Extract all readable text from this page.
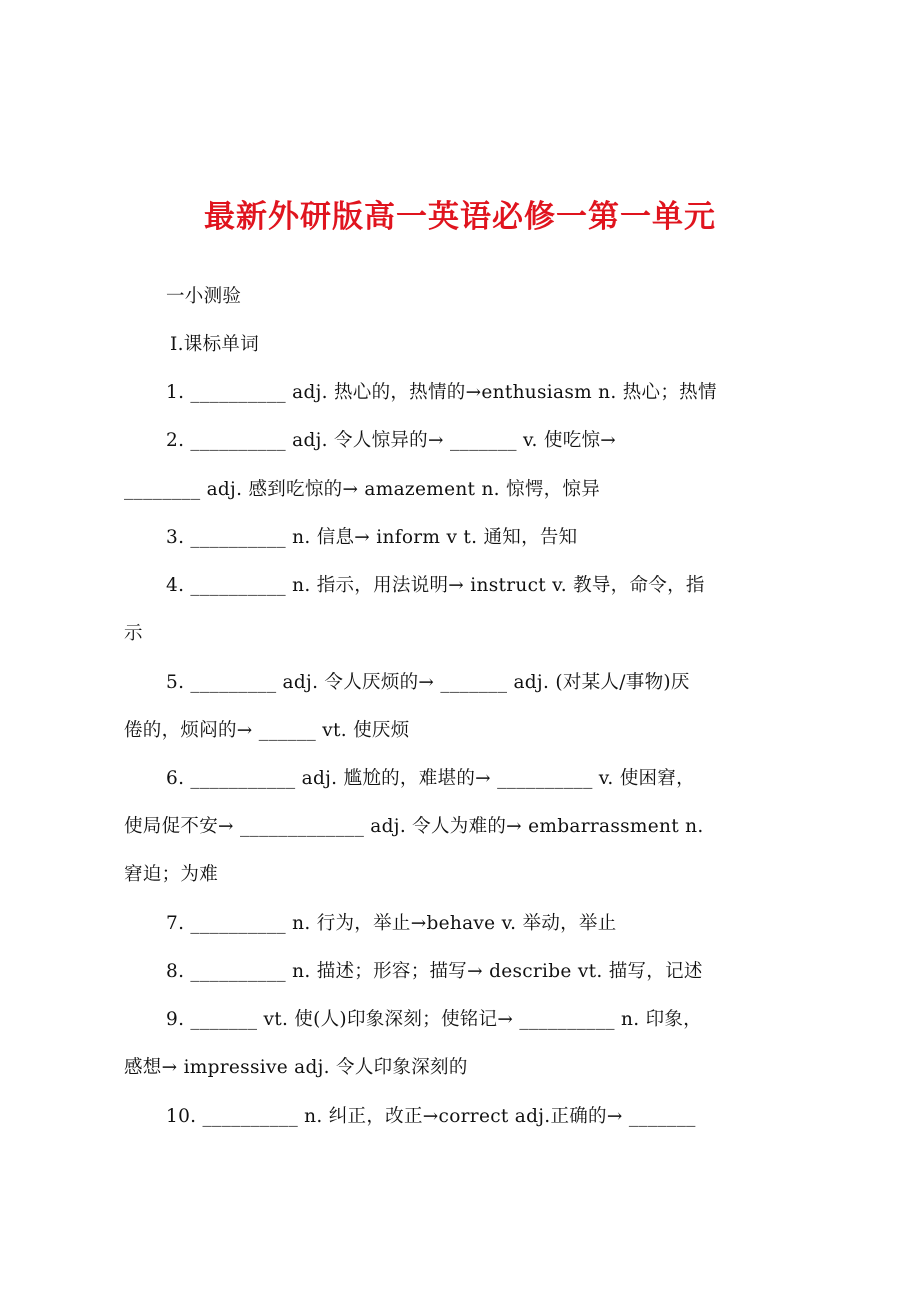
最新外研版高一英语必修一第一单元
一小测验
Ⅰ.课标单词
1. __________ adj. 热心的，热情的→enthusiasm n. 热心；热情
2. __________ adj. 令人惊异的→ _______ v. 使吃惊→
________ adj. 感到吃惊的→ amazement n. 惊愕，惊异
3. __________ n. 信息→ inform v t. 通知，告知
4. __________ n. 指示，用法说明→ instruct v. 教导，命令，指
示
5. _________ adj. 令人厌烦的→ _______ adj. (对某人/事物)厌
倦的，烦闷的→ ______ vt. 使厌烦
6. ___________ adj. 尴尬的，难堪的→ __________ v. 使困窘，
使局促不安→ _____________ adj. 令人为难的→ embarrassment n.
窘迫；为难
7. __________ n. 行为，举止→behave v. 举动，举止
8. __________ n. 描述；形容；描写→ describe vt. 描写，记述
9. _______ vt. 使(人)印象深刻；使铭记→ __________ n. 印象，
感想→ impressive adj. 令人印象深刻的
10. __________ n. 纠正，改正→correct adj.正确的→ _______
